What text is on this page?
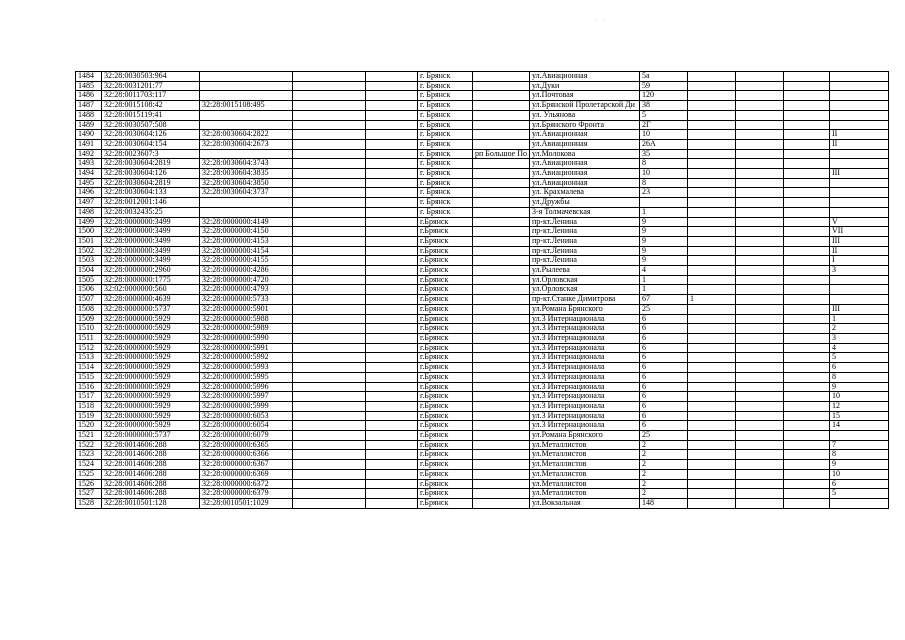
· ·
1484	32:28:0030503:964				г. Брянск		ул.Авиационная	5а				
1485	32:28:0031201:77				г. Брянск		ул.Дуки	59				
1486	32:28:0011703:117				г. Брянск		ул.Почтовая	120				
1487	32:28:0015108:42	32:28:0015108:495			г. Брянск		ул.Брянской Пролетарской Ди	38				
1488	32:28:0015119:41				г. Брянск		ул. Ульянова	5				
1489	32:28:0030507:508				г. Брянск		ул.Брянского Фронта	2Г				
1490	32:28:0030604:126	32:28:0030604:2822			г. Брянск		ул.Авиационная	10				II
1491	32:28:0030604:154	32:28:0030604:2673			г. Брянск		ул.Авиационная	26А				II
1492	32:28:0023607:3				г. Брянск	рп Большое По	ул.Молокова	35				
1493	32:28:0030604:2819	32:28:0030604:3743			г. Брянск		ул.Авиационная	8				
1494	32:28:0030604:126	32:28:0030604:3835			г. Брянск		ул.Авиационная	10				III
1495	32:28:0030604:2819	32:28:0030604:3850			г. Брянск		ул.Авиационная	8				
1496	32:28:0030604:133	32:28:0030604:3737			г. Брянск		ул. Крахмалева	23				
1497	32:28:0012001:146				г. Брянск		ул.Дружбы					
1498	32:28:0032435:25				г. Брянск		3-я Толмачевская	1				
1499	32:28:0000000:3499	32:28:0000000:4149			г.Брянск		пр-кт.Ленина	9				V
1500	32:28:0000000:3499	32:28:0000000:4150			г.Брянск		пр-кт.Ленина	9				VII
1501	32:28:0000000:3499	32:28:0000000:4153			г.Брянск		пр-кт.Ленина	9				III
1502	32:28:0000000:3499	32:28:0000000:4154			г.Брянск		пр-кт.Ленина	9				II
1503	32:28:0000000:3499	32:28:0000000:4155			г.Брянск		пр-кт.Ленина	9				I
1504	32:28:0000000:2960	32:28:0000000:4286			г.Брянск		ул.Рылеева	4				3
1505	32:28:0000000:1775	32:28:0000000:4720			г.Брянск		ул.Орловская	1				
1506	32:02:0000000:560	32:28:0000000:4793			г.Брянск		ул.Орловская	1				
1507	32:28:0000000:4639	32:28:0000000:5733			г.Брянск		пр-кт.Станке Димитрова	67	1			
1508	32:28:0000000:5737	32:28:0000000:5901			г.Брянск		ул.Романа Брянского	25				III
1509	32:28:0000000:5929	32:28:0000000:5988			г.Брянск		ул.3 Интернационала	6				1
1510	32:28:0000000:5929	32:28:0000000:5989			г.Брянск		ул.3 Интернационала	6				2
1511	32:28:0000000:5929	32:28:0000000:5990			г.Брянск		ул.3 Интернационала	6				3
1512	32:28:0000000:5929	32:28:0000000:5991			г.Брянск		ул.3 Интернационала	6				4
1513	32:28:0000000:5929	32:28:0000000:5992			г.Брянск		ул.3 Интернационала	6				5
1514	32:28:0000000:5929	32:28:0000000:5993			г.Брянск		ул.3 Интернационала	6				6
1515	32:28:0000000:5929	32:28:0000000:5995			г.Брянск		ул.3 Интернационала	6				8
1516	32:28:0000000:5929	32:28:0000000:5996			г.Брянск		ул.3 Интернационала	6				9
1517	32:28:0000000:5929	32:28:0000000:5997			г.Брянск		ул.3 Интернационала	6				10
1518	32:28:0000000:5929	32:28:0000000:5999			г.Брянск		ул.3 Интернационала	6				12
1519	32:28:0000000:5929	32:28:0000000:6053			г.Брянск		ул.3 Интернационала	6				15
1520	32:28:0000000:5929	32:28:0000000:6054			г.Брянск		ул.3 Интернационала	6				14
1521	32:28:0000000:5737	32:28:0000000:6079			г.Брянск		ул.Романа Брянского	25				
1522	32:28:0014606:288	32:28:0000000:6365			г.Брянск		ул.Металлистов	2				7
1523	32:28:0014606:288	32:28:0000000:6366			г.Брянск		ул.Металлистов	2				8
1524	32:28:0014606:288	32:28:0000000:6367			г.Брянск		ул.Металлистов	2				9
1525	32:28:0014606:288	32:28:0000000:6369			г.Брянск		ул.Металлистов	2				10
1526	32:28:0014606:288	32:28:0000000:6372			г.Брянск		ул.Металлистов	2				6
1527	32:28:0014606:288	32:28:0000000:6379			г.Брянск		ул.Металлистов	2				5
1528	32:28:0010501:128	32:28:0010501:1029			г.Брянск		ул.Вокзальная	148				
